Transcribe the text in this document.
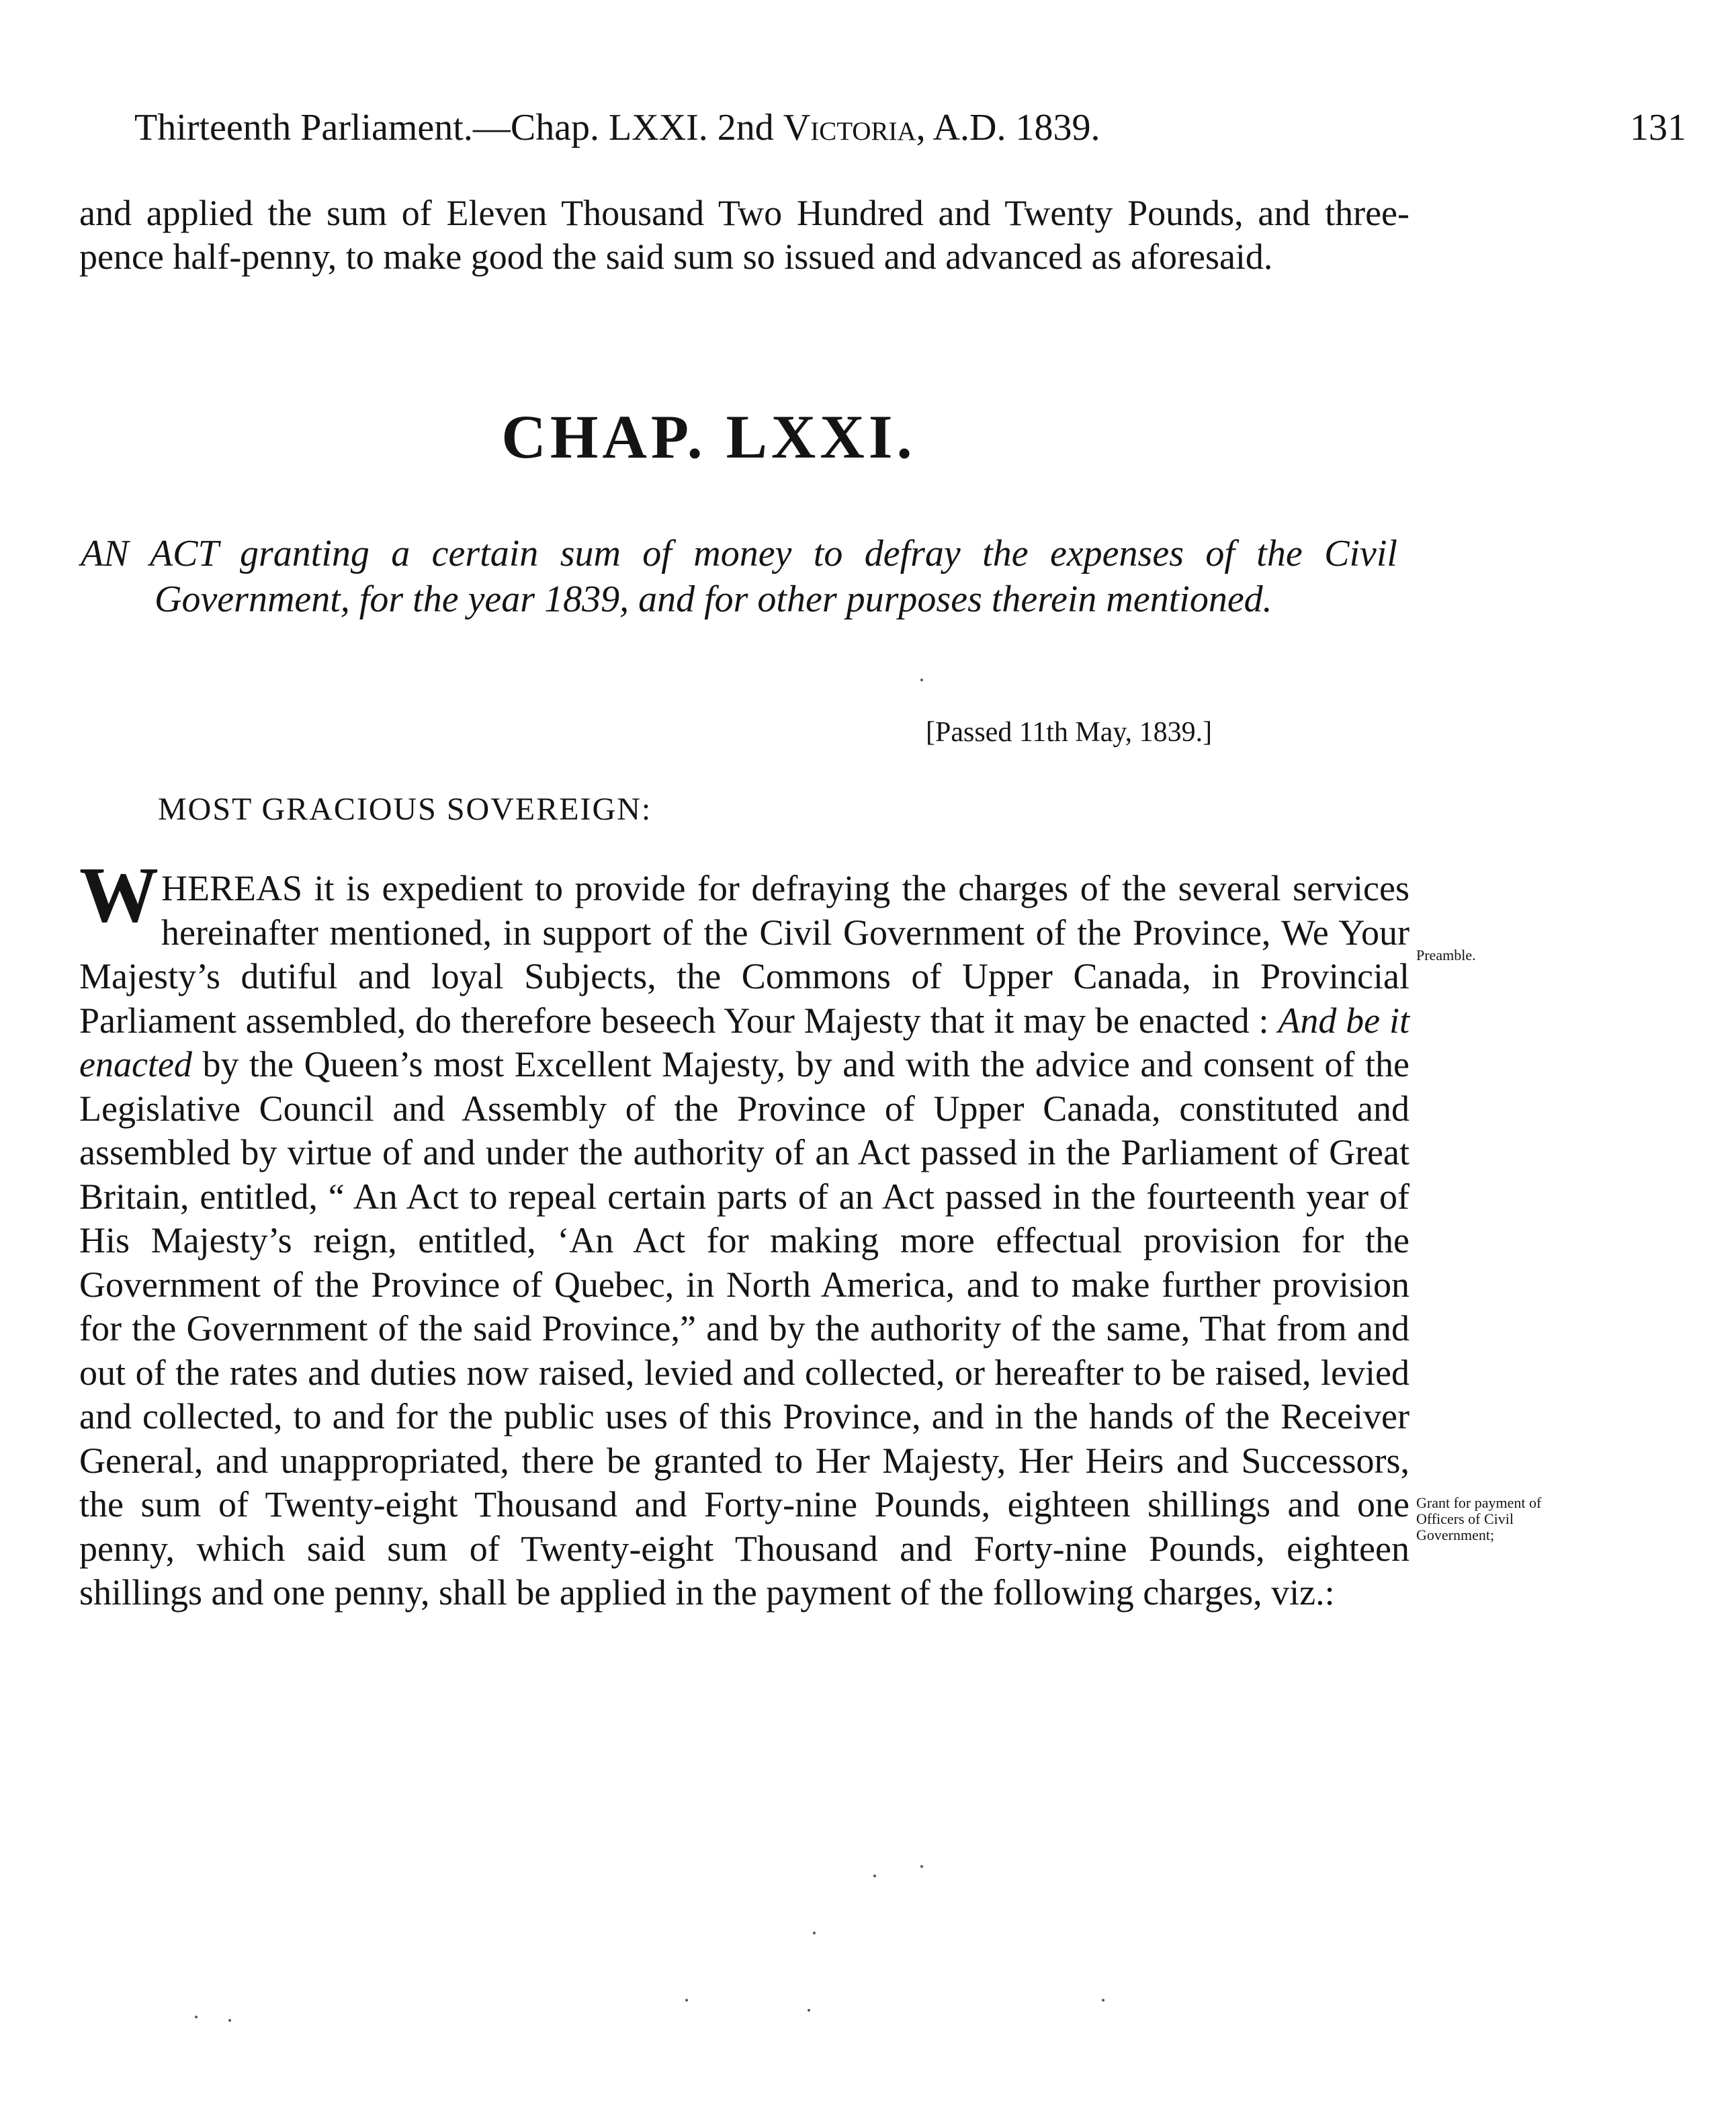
Thirteenth Parliament.—Chap. LXXI. 2nd Victoria, A.D. 1839.	131
and applied the sum of Eleven Thousand Two Hundred and Twenty Pounds, and three-pence half-penny, to make good the said sum so issued and advanced as aforesaid.
CHAP. LXXI.
AN ACT granting a certain sum of money to defray the expenses of the Civil Government, for the year 1839, and for other purposes therein mentioned.
[Passed 11th May, 1839.]
MOST GRACIOUS SOVEREIGN:
WHEREAS it is expedient to provide for defraying the charges of the several services hereinafter mentioned, in support of the Civil Government of the Province, We Your Majesty’s dutiful and loyal Subjects, the Commons of Upper Canada, in Provincial Parliament assembled, do therefore beseech Your Majesty that it may be enacted : And be it enacted by the Queen’s most Excellent Majesty, by and with the advice and consent of the Legislative Council and Assembly of the Province of Upper Canada, constituted and assembled by virtue of and under the authority of an Act passed in the Parliament of Great Britain, entitled, “ An Act to repeal certain parts of an Act passed in the fourteenth year of His Majesty’s reign, entitled, ‘An Act for making more effectual provision for the Government of the Province of Quebec, in North America, and to make further provision for the Government of the said Province,” and by the authority of the same, That from and out of the rates and duties now raised, levied and collected, or hereafter to be raised, levied and collected, to and for the public uses of this Province, and in the hands of the Receiver General, and unappropriated, there be granted to Her Majesty, Her Heirs and Successors, the sum of Twenty-eight Thousand and Forty-nine Pounds, eighteen shillings and one penny, which said sum of Twenty-eight Thousand and Forty-nine Pounds, eighteen shillings and one penny, shall be applied in the payment of the following charges, viz.:
Preamble.
Grant for payment of Officers of Civil Government;
